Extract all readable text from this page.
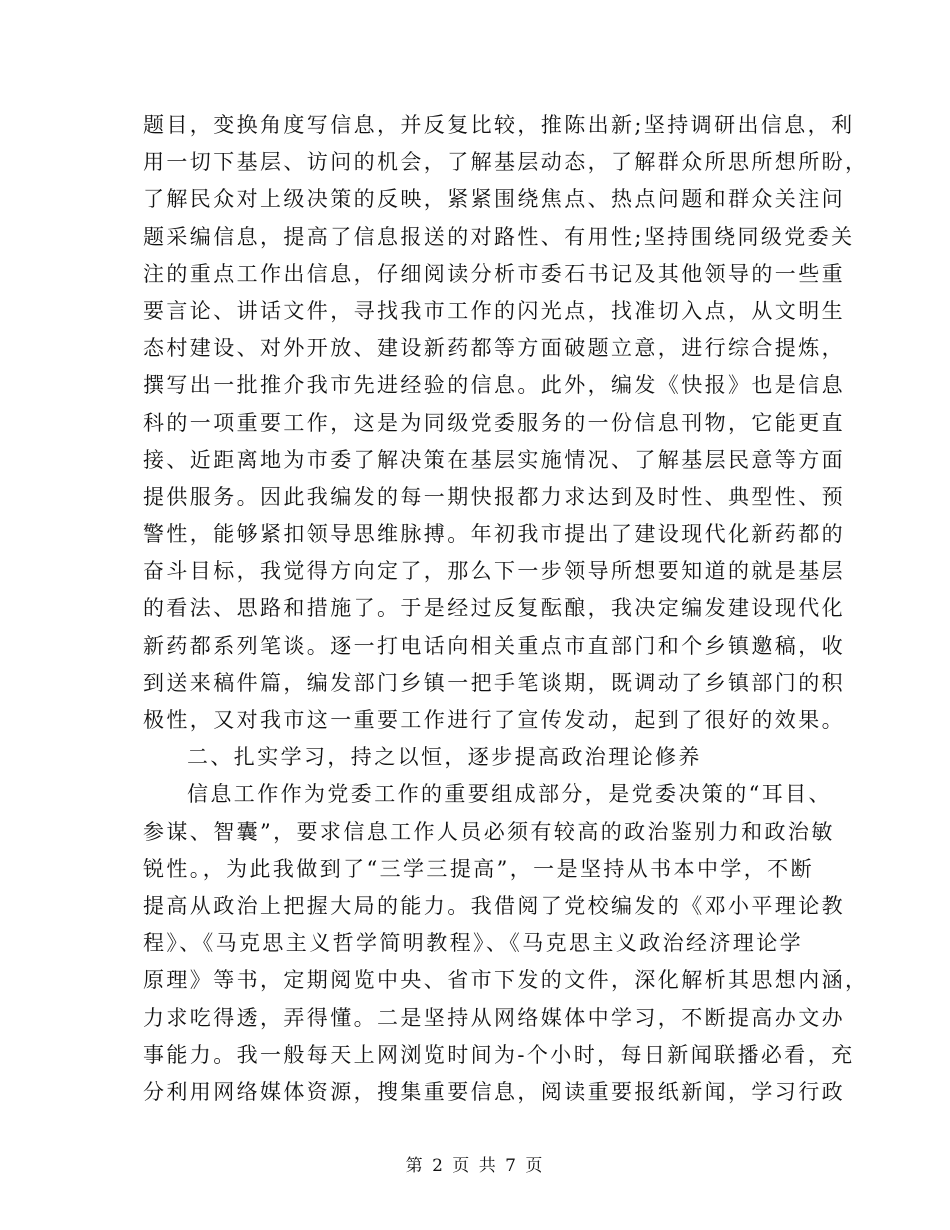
题目，变换角度写信息，并反复比较，推陈出新;坚持调研出信息，利
用一切下基层、访问的机会，了解基层动态，了解群众所思所想所盼，
了解民众对上级决策的反映，紧紧围绕焦点、热点问题和群众关注问
题采编信息，提高了信息报送的对路性、有用性;坚持围绕同级党委关
注的重点工作出信息，仔细阅读分析市委石书记及其他领导的一些重
要言论、讲话文件，寻找我市工作的闪光点，找准切入点，从文明生
态村建设、对外开放、建设新药都等方面破题立意，进行综合提炼，
撰写出一批推介我市先进经验的信息。此外，编发《快报》也是信息
科的一项重要工作，这是为同级党委服务的一份信息刊物，它能更直
接、近距离地为市委了解决策在基层实施情况、了解基层民意等方面
提供服务。因此我编发的每一期快报都力求达到及时性、典型性、预
警性，能够紧扣领导思维脉搏。年初我市提出了建设现代化新药都的
奋斗目标，我觉得方向定了，那么下一步领导所想要知道的就是基层
的看法、思路和措施了。于是经过反复酝酿，我决定编发建设现代化
新药都系列笔谈。逐一打电话向相关重点市直部门和个乡镇邀稿，收
到送来稿件篇，编发部门乡镇一把手笔谈期，既调动了乡镇部门的积
极性，又对我市这一重要工作进行了宣传发动，起到了很好的效果。
二、扎实学习，持之以恒，逐步提高政治理论修养
信息工作作为党委工作的重要组成部分，是党委决策的“耳目、
参谋、智囊”，要求信息工作人员必须有较高的政治鉴别力和政治敏
锐性。，为此我做到了“三学三提高”，一是坚持从书本中学，不断
提高从政治上把握大局的能力。我借阅了党校编发的《邓小平理论教
程》、《马克思主义哲学简明教程》、《马克思主义政治经济理论学
原理》等书，定期阅览中央、省市下发的文件，深化解析其思想内涵，
力求吃得透，弄得懂。二是坚持从网络媒体中学习，不断提高办文办
事能力。我一般每天上网浏览时间为-个小时，每日新闻联播必看，充
分利用网络媒体资源，搜集重要信息，阅读重要报纸新闻，学习行政
第 2 页 共 7 页
